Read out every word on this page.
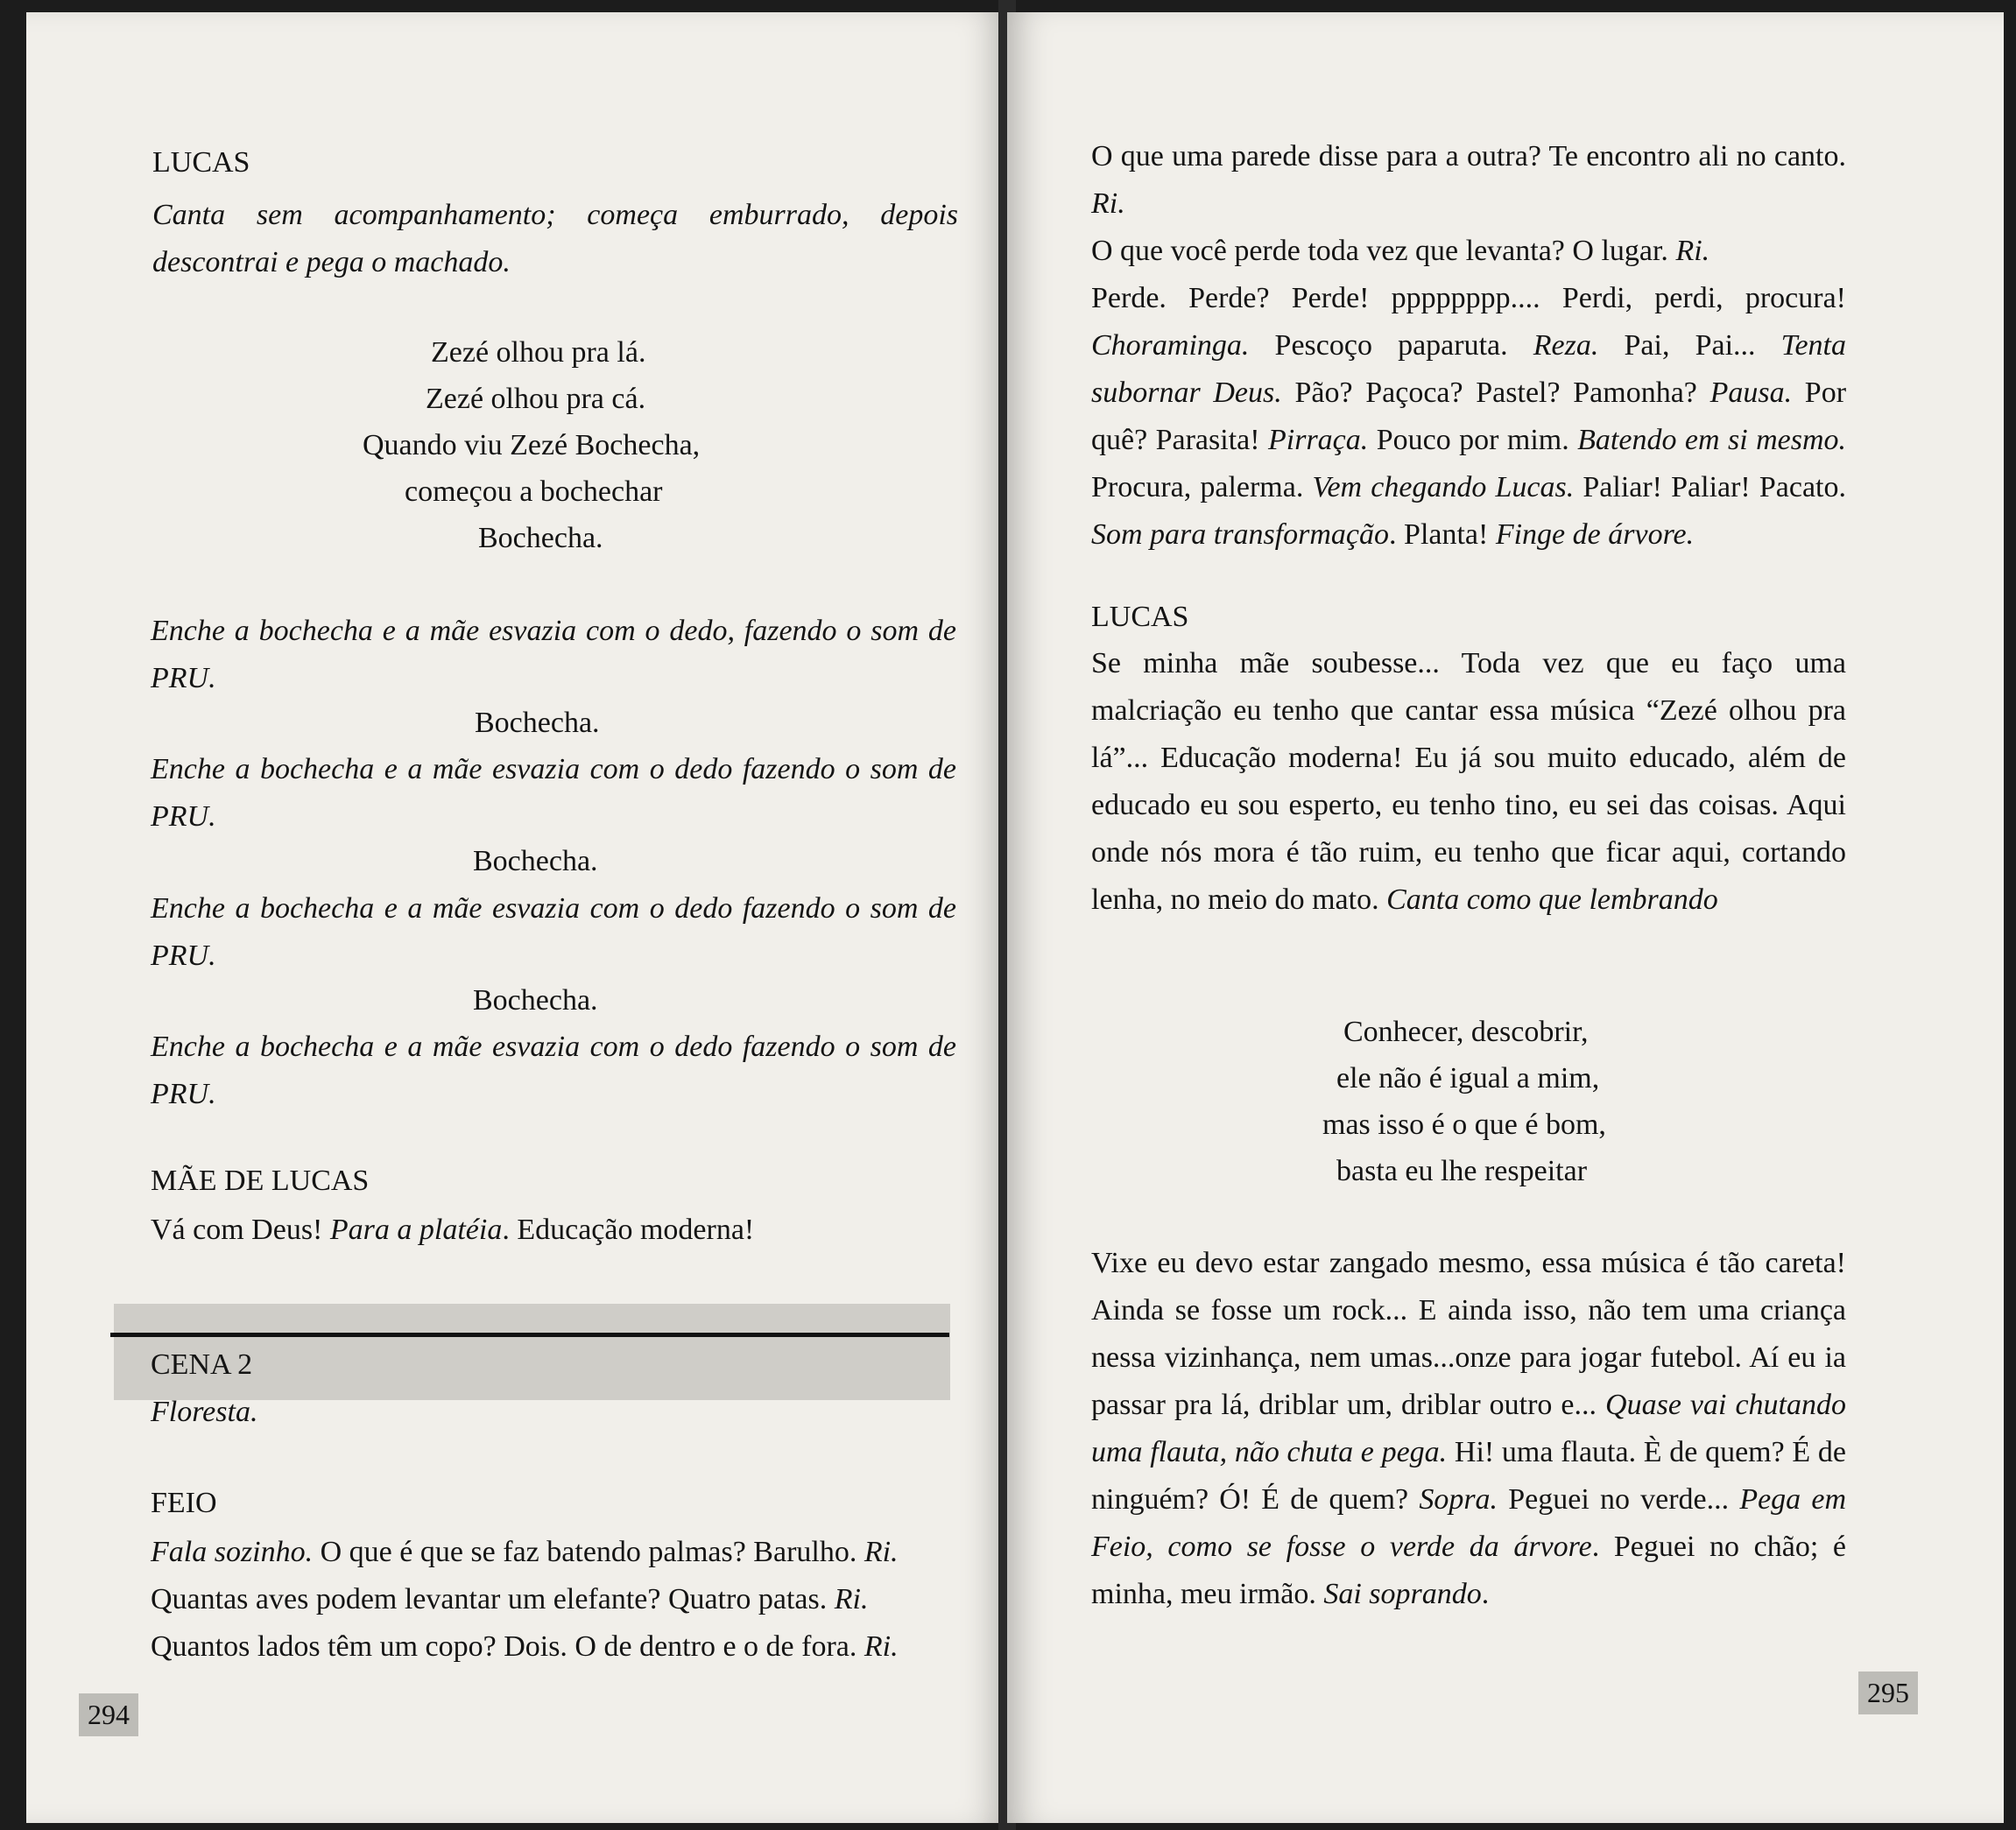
LUCAS
Canta sem acompanhamento; começa emburrado, depois descontrai e pega o machado.
Zezé olhou pra lá.
Zezé olhou pra cá.
Quando viu Zezé Bochecha,
começou a bochechar
Bochecha.
Enche a bochecha e a mãe esvazia com o dedo, fazendo o som de PRU.
Bochecha.
Enche a bochecha e a mãe esvazia com o dedo fazendo o som de PRU.
Bochecha.
Enche a bochecha e a mãe esvazia com o dedo fazendo o som de PRU.
Bochecha.
Enche a bochecha e a mãe esvazia com o dedo fazendo o som de PRU.
MÃE DE LUCAS
Vá com Deus! Para a platéia. Educação moderna!
CENA 2
Floresta.
FEIO
Fala sozinho. O que é que se faz batendo palmas? Barulho. Ri.
Quantas aves podem levantar um elefante? Quatro patas. Ri.
Quantos lados têm um copo? Dois. O de dentro e o de fora. Ri.
294
O que uma parede disse para a outra? Te encontro ali no canto. Ri.
O que você perde toda vez que levanta? O lugar. Ri.
Perde. Perde? Perde! pppppppp.... Perdi, perdi, procura! Choraminga. Pescoço paparuta. Reza. Pai, Pai... Tenta subornar Deus. Pão? Paçoca? Pastel? Pamonha? Pausa. Por quê? Parasita! Pirraça. Pouco por mim. Batendo em si mesmo. Procura, palerma. Vem chegando Lucas. Paliar! Paliar! Pacato. Som para transformação. Planta! Finge de árvore.
LUCAS
Se minha mãe soubesse... Toda vez que eu faço uma malcriação eu tenho que cantar essa música “Zezé olhou pra lá”... Educação moderna! Eu já sou muito educado, além de educado eu sou esperto, eu tenho tino, eu sei das coisas. Aqui onde nós mora é tão ruim, eu tenho que ficar aqui, cortando lenha, no meio do mato. Canta como que lembrando
Conhecer, descobrir,
ele não é igual a mim,
mas isso é o que é bom,
basta eu lhe respeitar
Vixe eu devo estar zangado mesmo, essa música é tão careta! Ainda se fosse um rock... E ainda isso, não tem uma criança nessa vizinhança, nem umas...onze para jogar futebol. Aí eu ia passar pra lá, driblar um, driblar outro e... Quase vai chutando uma flauta, não chuta e pega. Hi! uma flauta. È de quem? É de ninguém? Ó! É de quem? Sopra. Peguei no verde... Pega em Feio, como se fosse o verde da árvore. Peguei no chão; é minha, meu irmão. Sai soprando.
295
